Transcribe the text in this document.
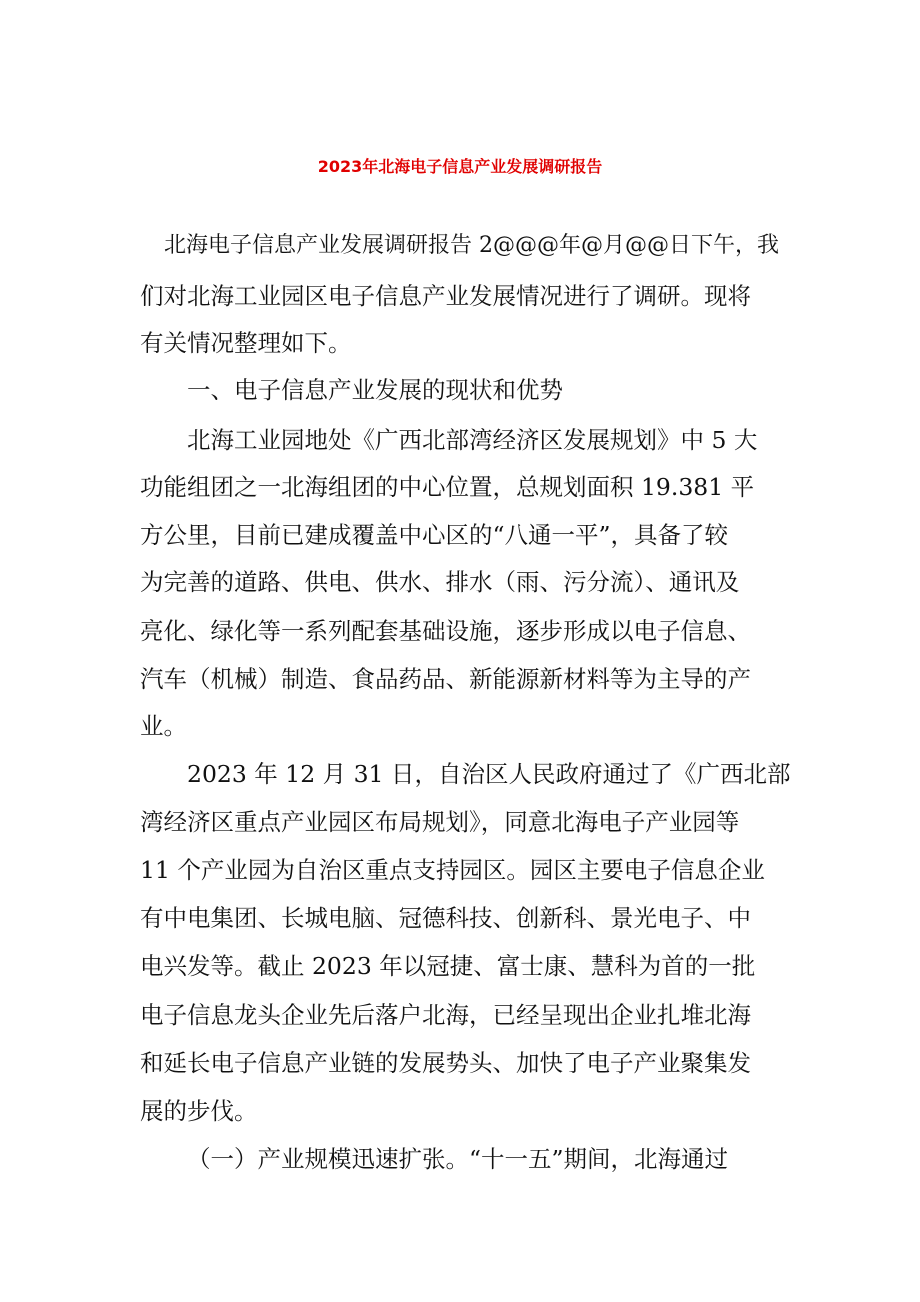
2023年北海电子信息产业发展调研报告
北海电子信息产业发展调研报告 2@@@年@月@@日下午，我
们对北海工业园区电子信息产业发展情况进行了调研。现将
有关情况整理如下。
一、电子信息产业发展的现状和优势
北海工业园地处《广西北部湾经济区发展规划》中 5 大
功能组团之一北海组团的中心位置，总规划面积 19.381 平
方公里，目前已建成覆盖中心区的“八通一平”，具备了较
为完善的道路、供电、供水、排水（雨、污分流）、通讯及
亮化、绿化等一系列配套基础设施，逐步形成以电子信息、
汽车（机械）制造、食品药品、新能源新材料等为主导的产
业。
2023 年 12 月 31 日，自治区人民政府通过了《广西北部
湾经济区重点产业园区布局规划》，同意北海电子产业园等
11 个产业园为自治区重点支持园区。园区主要电子信息企业
有中电集团、长城电脑、冠德科技、创新科、景光电子、中
电兴发等。截止 2023 年以冠捷、富士康、慧科为首的一批
电子信息龙头企业先后落户北海，已经呈现出企业扎堆北海
和延长电子信息产业链的发展势头、加快了电子产业聚集发
展的步伐。
（一）产业规模迅速扩张。“十一五”期间，北海通过
